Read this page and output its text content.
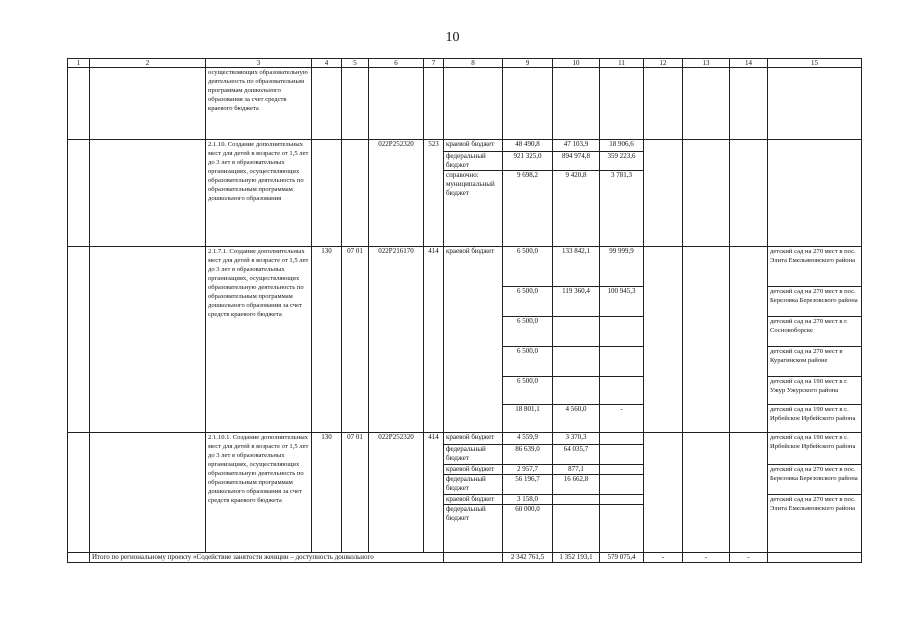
10
1	2	3	4	5	6	7	8	9	10	11	12	13	14	15
		осуществляющих образовательную деятельность по образовательным программам дошкольного образования за счет средств краевого бюджета												
		2.1.10. Создание дополнительных мест для детей в возрасте от 1,5 лет до 3 лет в образовательных организациях, осуществляющих образовательную деятельность по образовательным программам дошкольного образования			022P252320	523	краевой бюджет	48 490,8	47 103,9	18 906,6				
							федеральный бюджет	921 325,0	894 974,8	359 223,6				
							справочно: муниципальный бюджет	9 698,2	9 420,8	3 781,3				
		2.1.7.1. Создание дополнительных мест для детей в возрасте от 1,5 лет до 3 лет в образовательных организациях, осуществляющих образовательную деятельность по образовательным программам дошкольного образования за счет средств краевого бюджета	130	07 01	022P216170	414	краевой бюджет	6 500,0	133 842,1	99 999,9				детский сад на 270 мест в пос. Элита Емельяновского района
								6 500,0	119 360,4	100 945,3				детский сад на 270 мест в пос. Березовка Березовского района
								6 500,0						детский сад на 270 мест в г. Сосновоборске
								6 500,0						детский сад на 270 мест в Курагинском районе
								6 500,0						детский сад на 190 мест в г. Ужур Ужурского района
								18 801,1	4 560,0	-				детский сад на 190 мест в с. Ирбейское Ирбейского района
		2.1.10.1. Создание дополнительных мест для детей в возрасте от 1,5 лет до 3 лет в образовательных организациях, осуществляющих образовательную деятельность по образовательным программам дошкольного образования за счет средств краевого бюджета	130	07 01	022P252320	414	краевой бюджет	4 559,9	3 370,3					детский сад на 190 мест в с. Ирбейское Ирбейского района
							федеральный бюджет	86 639,0	64 035,7					
							краевой бюджет	2 957,7	877,1					детский сад на 270 мест в пос. Березовка Березовского района
							федеральный бюджет	56 196,7	16 662,8					
							краевой бюджет	3 158,0						детский сад на 270 мест в пос. Элита Емельяновского района
							федеральный бюджет	60 000,0						
	Итого по региональному проекту «Содействие занятости женщин – доступность дошкольного							2 342 761,5	1 352 193,1	579 075,4	-	-	-	
